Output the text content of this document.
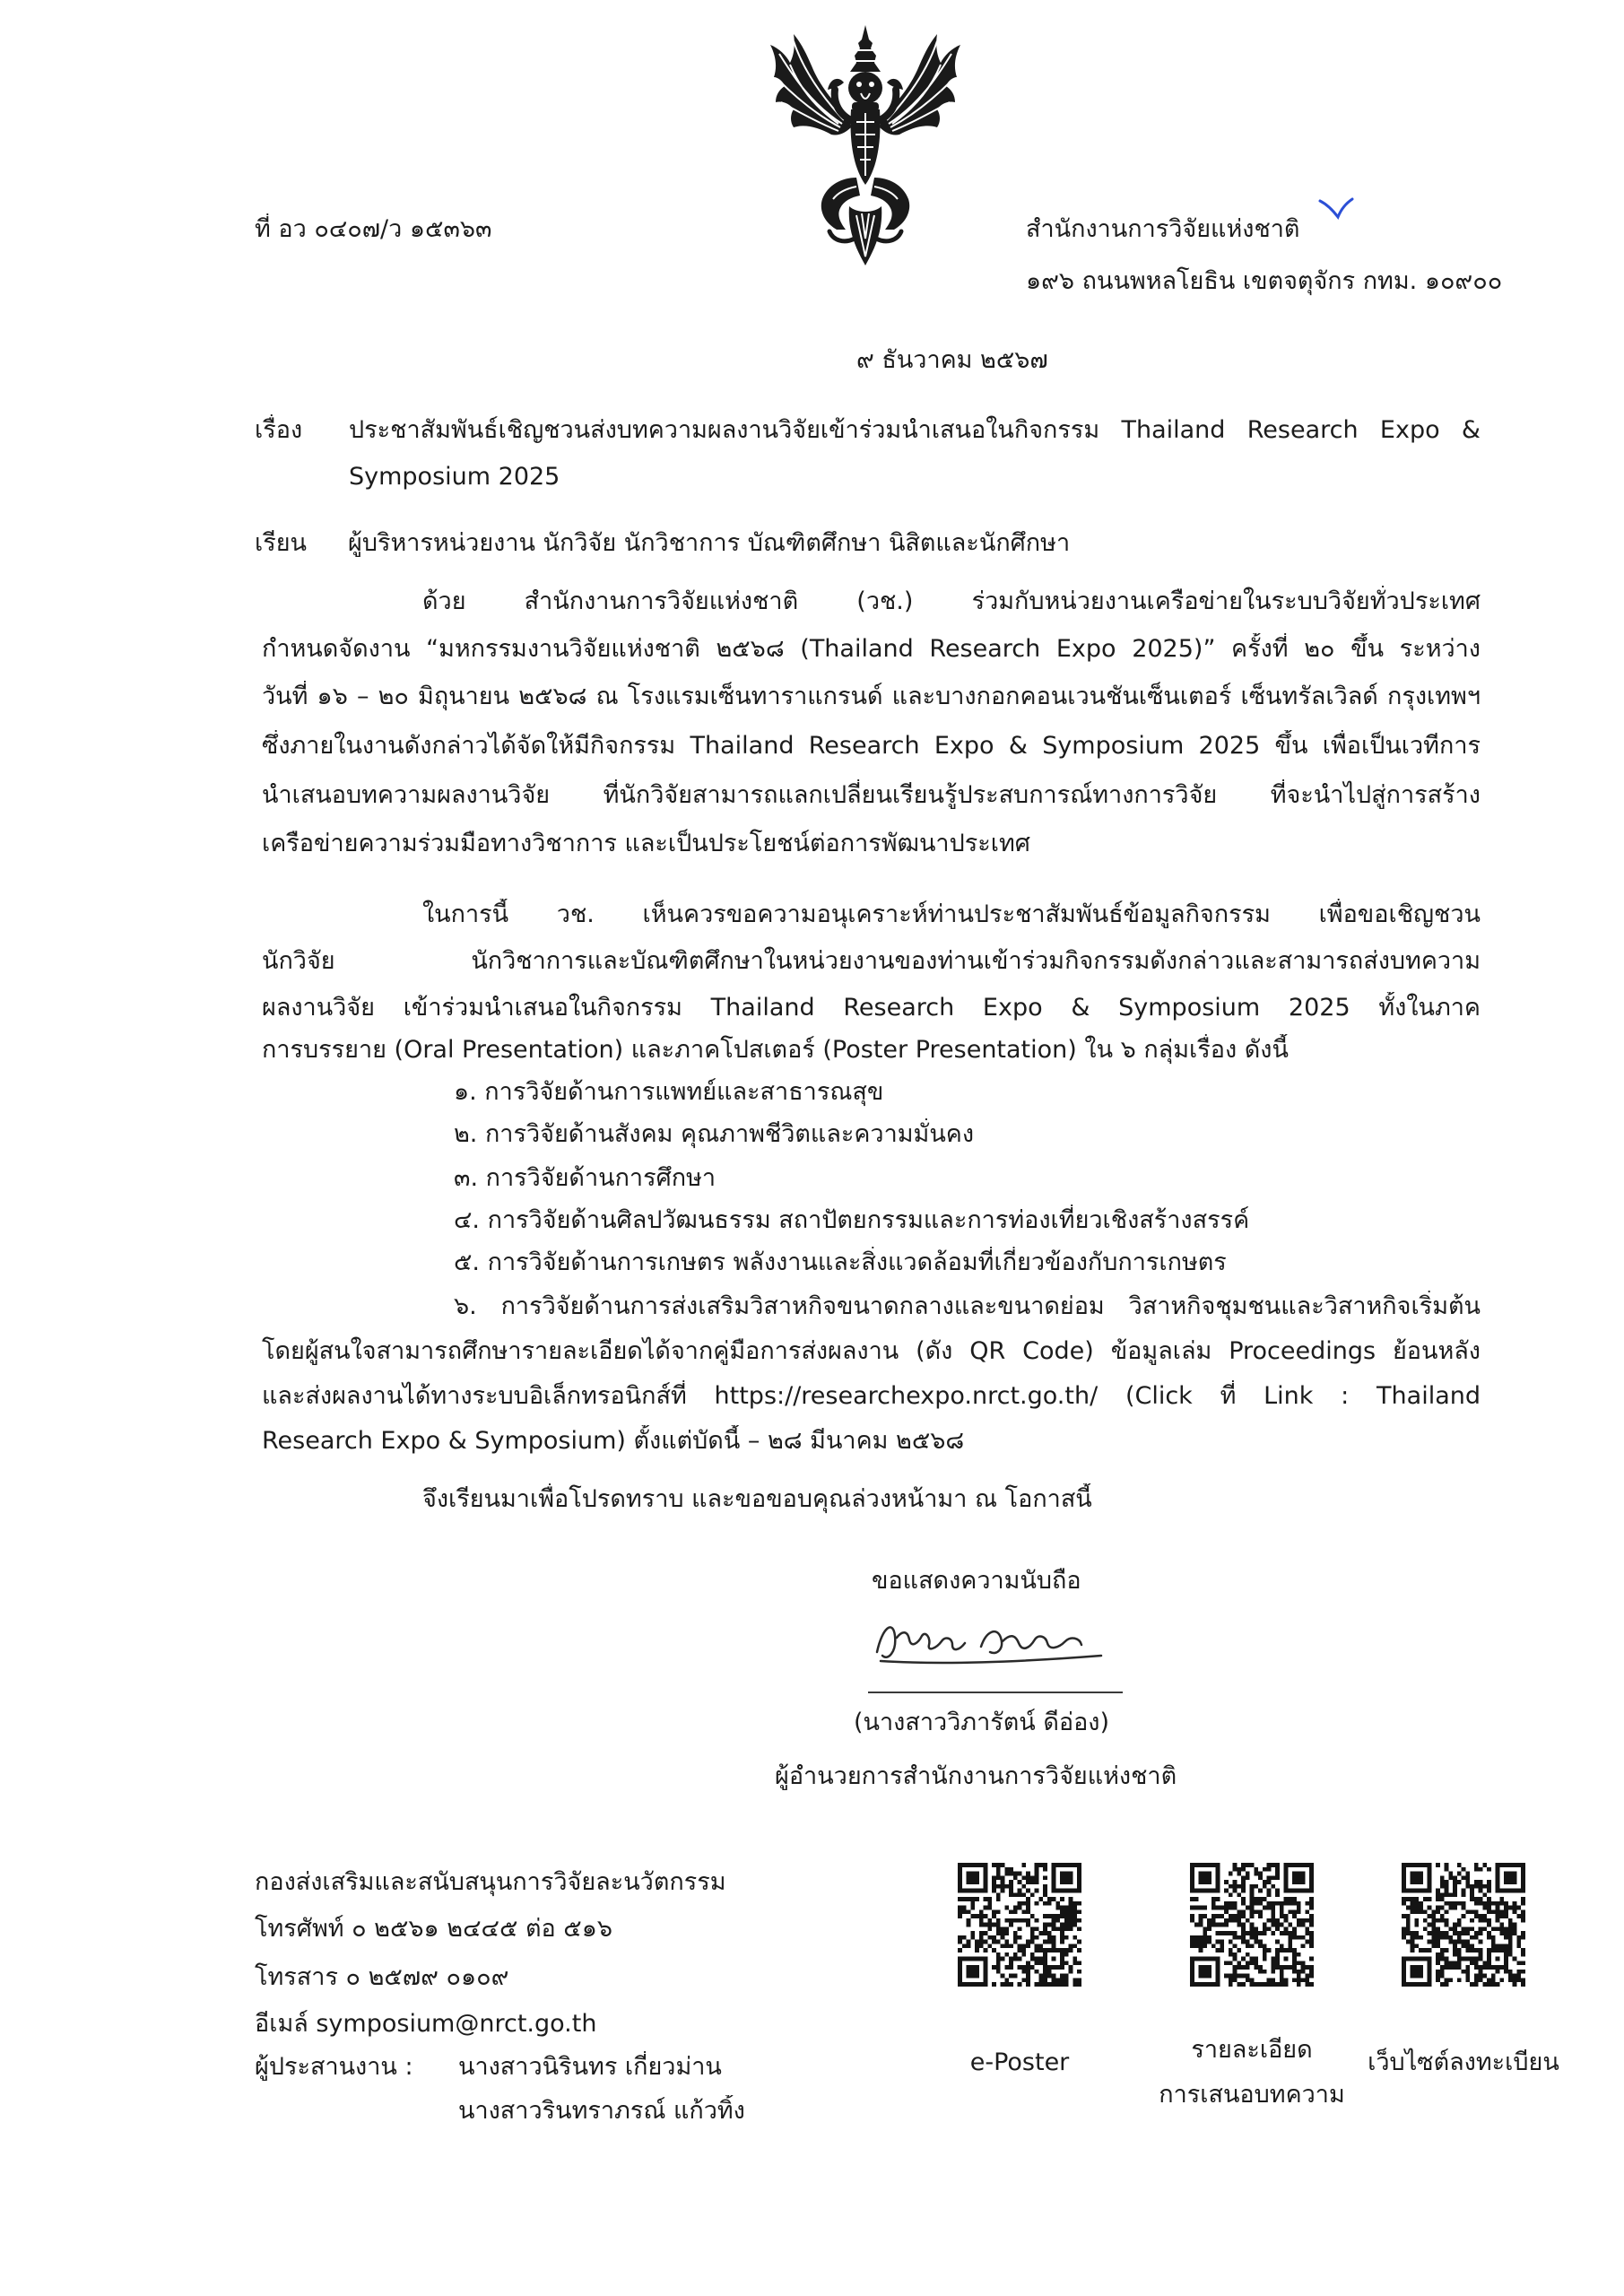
ที่ อว ๐๔๐๗/ว ๑๕๓๖๓	สำนักงานการวิจัยแห่งชาติ
๑๙๖ ถนนพหลโยธิน เขตจตุจักร กทม. ๑๐๙๐๐
๙ ธันวาคม ๒๕๖๗
เรื่อง	ประชาสัมพันธ์เชิญชวนส่งบทความผลงานวิจัยเข้าร่วมนำเสนอในกิจกรรม Thailand Research Expo &
Symposium 2025
เรียน	ผู้บริหารหน่วยงาน นักวิจัย นักวิชาการ บัณฑิตศึกษา นิสิตและนักศึกษา
ด้วย สำนักงานการวิจัยแห่งชาติ (วช.) ร่วมกับหน่วยงานเครือข่ายในระบบวิจัยทั่วประเทศ
กำหนดจัดงาน “มหกรรมงานวิจัยแห่งชาติ ๒๕๖๘ (Thailand Research Expo 2025)” ครั้งที่ ๒๐ ขึ้น ระหว่าง
วันที่ ๑๖ – ๒๐ มิถุนายน ๒๕๖๘ ณ โรงแรมเซ็นทาราแกรนด์ และบางกอกคอนเวนชันเซ็นเตอร์ เซ็นทรัลเวิลด์ กรุงเทพฯ
ซึ่งภายในงานดังกล่าวได้จัดให้มีกิจกรรม Thailand Research Expo & Symposium 2025 ขึ้น เพื่อเป็นเวทีการ
นำเสนอบทความผลงานวิจัย ที่นักวิจัยสามารถแลกเปลี่ยนเรียนรู้ประสบการณ์ทางการวิจัย ที่จะนำไปสู่การสร้าง
เครือข่ายความร่วมมือทางวิชาการ และเป็นประโยชน์ต่อการพัฒนาประเทศ
ในการนี้ วช. เห็นควรขอความอนุเคราะห์ท่านประชาสัมพันธ์ข้อมูลกิจกรรม เพื่อขอเชิญชวน
นักวิจัย นักวิชาการและบัณฑิตศึกษาในหน่วยงานของท่านเข้าร่วมกิจกรรมดังกล่าวและสามารถส่งบทความ
ผลงานวิจัย เข้าร่วมนำเสนอในกิจกรรม Thailand Research Expo & Symposium 2025 ทั้งในภาค
การบรรยาย (Oral Presentation) และภาคโปสเตอร์ (Poster Presentation) ใน ๖ กลุ่มเรื่อง ดังนี้
๑. การวิจัยด้านการแพทย์และสาธารณสุข
๒. การวิจัยด้านสังคม คุณภาพชีวิตและความมั่นคง
๓. การวิจัยด้านการศึกษา
๔. การวิจัยด้านศิลปวัฒนธรรม สถาปัตยกรรมและการท่องเที่ยวเชิงสร้างสรรค์
๕. การวิจัยด้านการเกษตร พลังงานและสิ่งแวดล้อมที่เกี่ยวข้องกับการเกษตร
๖. การวิจัยด้านการส่งเสริมวิสาหกิจขนาดกลางและขนาดย่อม วิสาหกิจชุมชนและวิสาหกิจเริ่มต้น
โดยผู้สนใจสามารถศึกษารายละเอียดได้จากคู่มือการส่งผลงาน (ดัง QR Code) ข้อมูลเล่ม Proceedings ย้อนหลัง
และส่งผลงานได้ทางระบบอิเล็กทรอนิกส์ที่ https://researchexpo.nrct.go.th/ (Click ที่ Link : Thailand
Research Expo & Symposium) ตั้งแต่บัดนี้ – ๒๘ มีนาคม ๒๕๖๘
จึงเรียนมาเพื่อโปรดทราบ และขอขอบคุณล่วงหน้ามา ณ โอกาสนี้
ขอแสดงความนับถือ
(นางสาววิภารัตน์ ดีอ่อง)
ผู้อำนวยการสำนักงานการวิจัยแห่งชาติ
กองส่งเสริมและสนับสนุนการวิจัยละนวัตกรรม
โทรศัพท์ ๐ ๒๕๖๑ ๒๔๔๕ ต่อ ๕๑๖
โทรสาร ๐ ๒๕๗๙ ๐๑๐๙
อีเมล์ symposium@nrct.go.th
ผู้ประสานงาน :	นางสาวนิรินทร เกี่ยวม่าน
นางสาวรินทราภรณ์ แก้วทิ้ง
e-Poster	รายละเอียด
การเสนอบทความ
เว็บไซต์ลงทะเบียน
